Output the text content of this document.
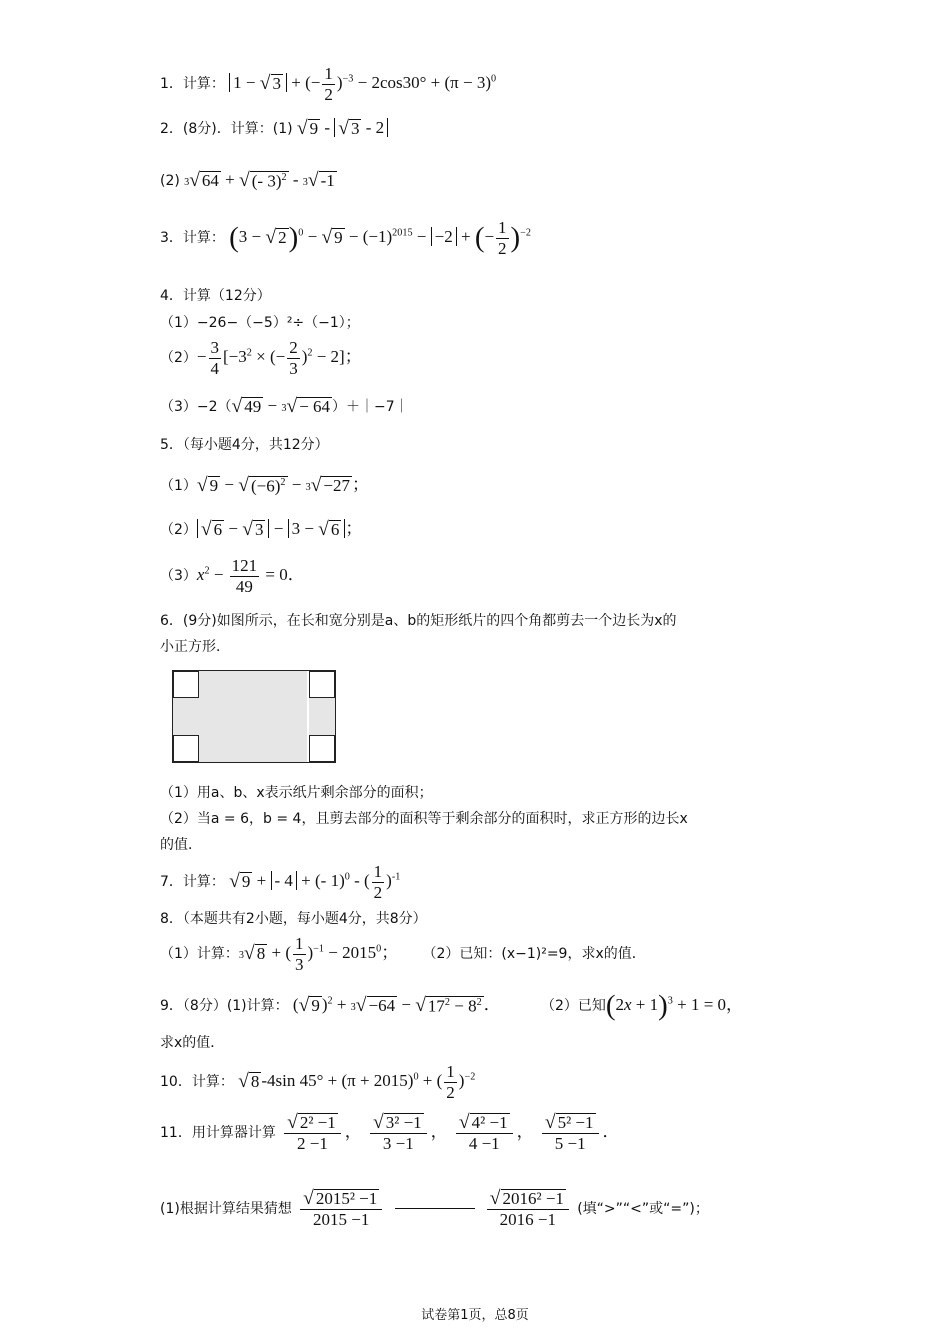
1．计算： 1 − √ 3 + (− $\frac{1}{2} )^{-3} - 2\cos 30^\circ + (\pi - 3)^0$
2．(8分)．计算：(1) √ 9 - √ 3 - 2
(2) 3 √ 64 + √ (- 3)$^2$ - 3 √ -1
3．计算： (3 − √ 2 )$^0$ − √ $9 - (-1)^{2015} - -2$ + (− $\frac{1}{2} )^{-2}$
4．计算（12分）
（1）−26−（−5）²÷（−1）；
$(2)- \frac{3}{4} [-3^2$ × (− $\frac{2}{3} )^2 - 2$]；
（3）−2（ √ 49 − 3 √ − 64 ）＋｜−7｜
5．（每小题4分，共12分）
（1） √ 9 − √ $(-6)^2 - 3$ √ −27 ；
（2） √ 6 − √ 3 − 3 − √ 6 ；
$(3)x^2 - \frac{121}{49} = 0$．
6．(9分)如图所示，在长和宽分别是a、b的矩形纸片的四个角都剪去一个边长为x的
小正方形．
（1）用a、b、x表示纸片剩余部分的面积；
（2）当a = 6，b = 4，且剪去部分的面积等于剩余部分的面积时，求正方形的边长x
的值．
7．计算： √ 9 + - 4 + (- 1)$^0$ - ( $\frac{1}{2} )^{-1}$
8．（本题共有2小题，每小题4分，共8分）
（1）计算：3 √ 8 + ( $\frac{1}{3} )^{-1} - 2015^0$； （2）已知：(x−1)²=9，求x的值．
9．（8分）(1)计算： ( √ 9 )$^2$ + 3 √ −64 − √ $17^2 - 8^2$ ．	（2）已知$(2x + 1)^3 + 1 = 0$，
求x的值．
10．计算： √ 8 -4sin $45^\circ + (\pi + 2015)^0$ + ( $\frac{1}{2} )^{-2}$
11．用计算器计算 $\frac{\text{√ 2² −1}}{2 -1}$ ， $\frac{\text{√ 3² −1}}{3 -1}$ ， $\frac{\text{√ 4² −1}}{4 -1}$ ， $\frac{\text{√ 5² −1}}{5 -1}$ ．
(1)根据计算结果猜想 $\frac{\text{√ 2015² −1}}{2015 -1}$
	$\frac{\text{√ 2016² −1}}{2016 -1}$ (填“>”“<”或“=”)；
试卷第1页，总8页
